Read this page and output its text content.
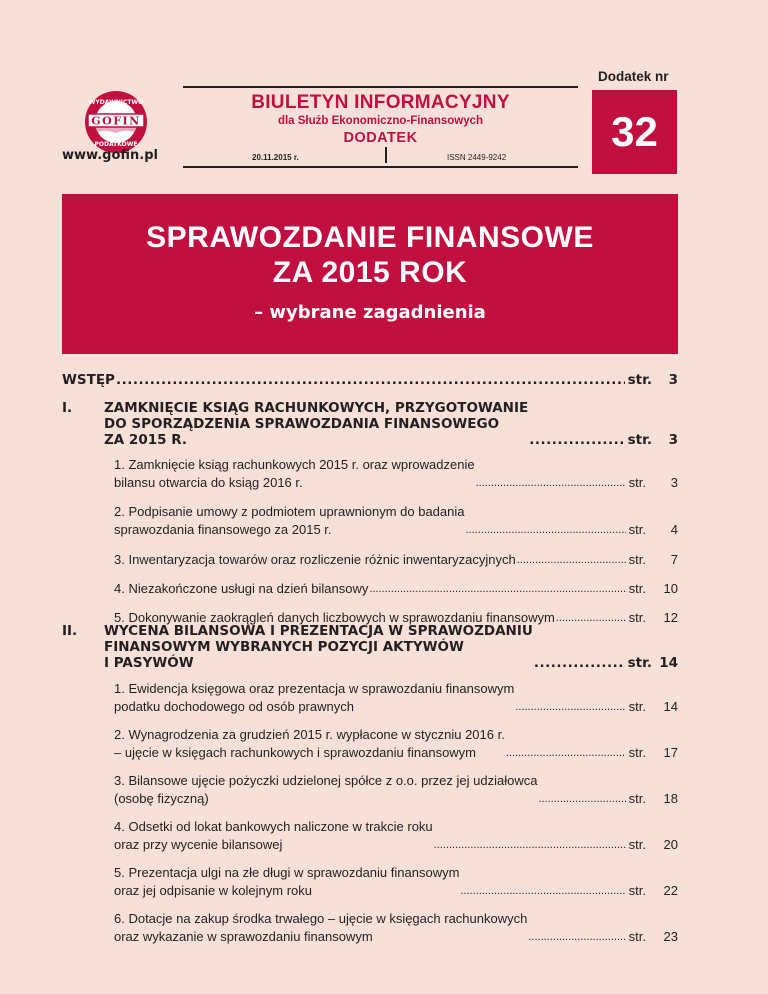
GOFIN
WYDAWNICTWO
PODATKOWE
www.gofin.pl
BIULETYN INFORMACYJNY
dla Służb Ekonomiczno-Finansowych
DODATEK
20.11.2015 r.	ISSN 2449-9242
Dodatek nr
32
SPRAWOZDANIE FINANSOWE
ZA 2015 ROK
– wybrane zagadnienia
WSTĘP .....	str.	3
I. ZAMKNIĘCIE KSIĄG RACHUNKOWYCH, PRZYGOTOWANIE
DO SPORZĄDZENIA SPRAWOZDANIA FINANSOWEGO
ZA 2015 R. .....	str.	3
1. Zamknięcie ksiąg rachunkowych 2015 r. oraz wprowadzenie
bilansu otwarcia do ksiąg 2016 r. .....	str.	3
2. Podpisanie umowy z podmiotem uprawnionym do badania
sprawozdania finansowego za 2015 r. .....	str.	4
3. Inwentaryzacja towarów oraz rozliczenie różnic inwentaryzacyjnych .....	str.	7
4. Niezakończone usługi na dzień bilansowy .....	str.	10
5. Dokonywanie zaokrągleń danych liczbowych w sprawozdaniu finansowym .....	str.	12
II. WYCENA BILANSOWA I PREZENTACJA W SPRAWOZDANIU
FINANSOWYM WYBRANYCH POZYCJI AKTYWÓW
I PASYWÓW .....	str. 14
1. Ewidencja księgowa oraz prezentacja w sprawozdaniu finansowym
podatku dochodowego od osób prawnych .....	str.	14
2. Wynagrodzenia za grudzień 2015 r. wypłacone w styczniu 2016 r.
– ujęcie w księgach rachunkowych i sprawozdaniu finansowym .....	str.	17
3. Bilansowe ujęcie pożyczki udzielonej spółce z o.o. przez jej udziałowca
(osobę fizyczną) .....	str.	18
4. Odsetki od lokat bankowych naliczone w trakcie roku
oraz przy wycenie bilansowej .....	str.	20
5. Prezentacja ulgi na złe długi w sprawozdaniu finansowym
oraz jej odpisanie w kolejnym roku .....	str.	22
6. Dotacje na zakup środka trwałego – ujęcie w księgach rachunkowych
oraz wykazanie w sprawozdaniu finansowym .....	str.	23
